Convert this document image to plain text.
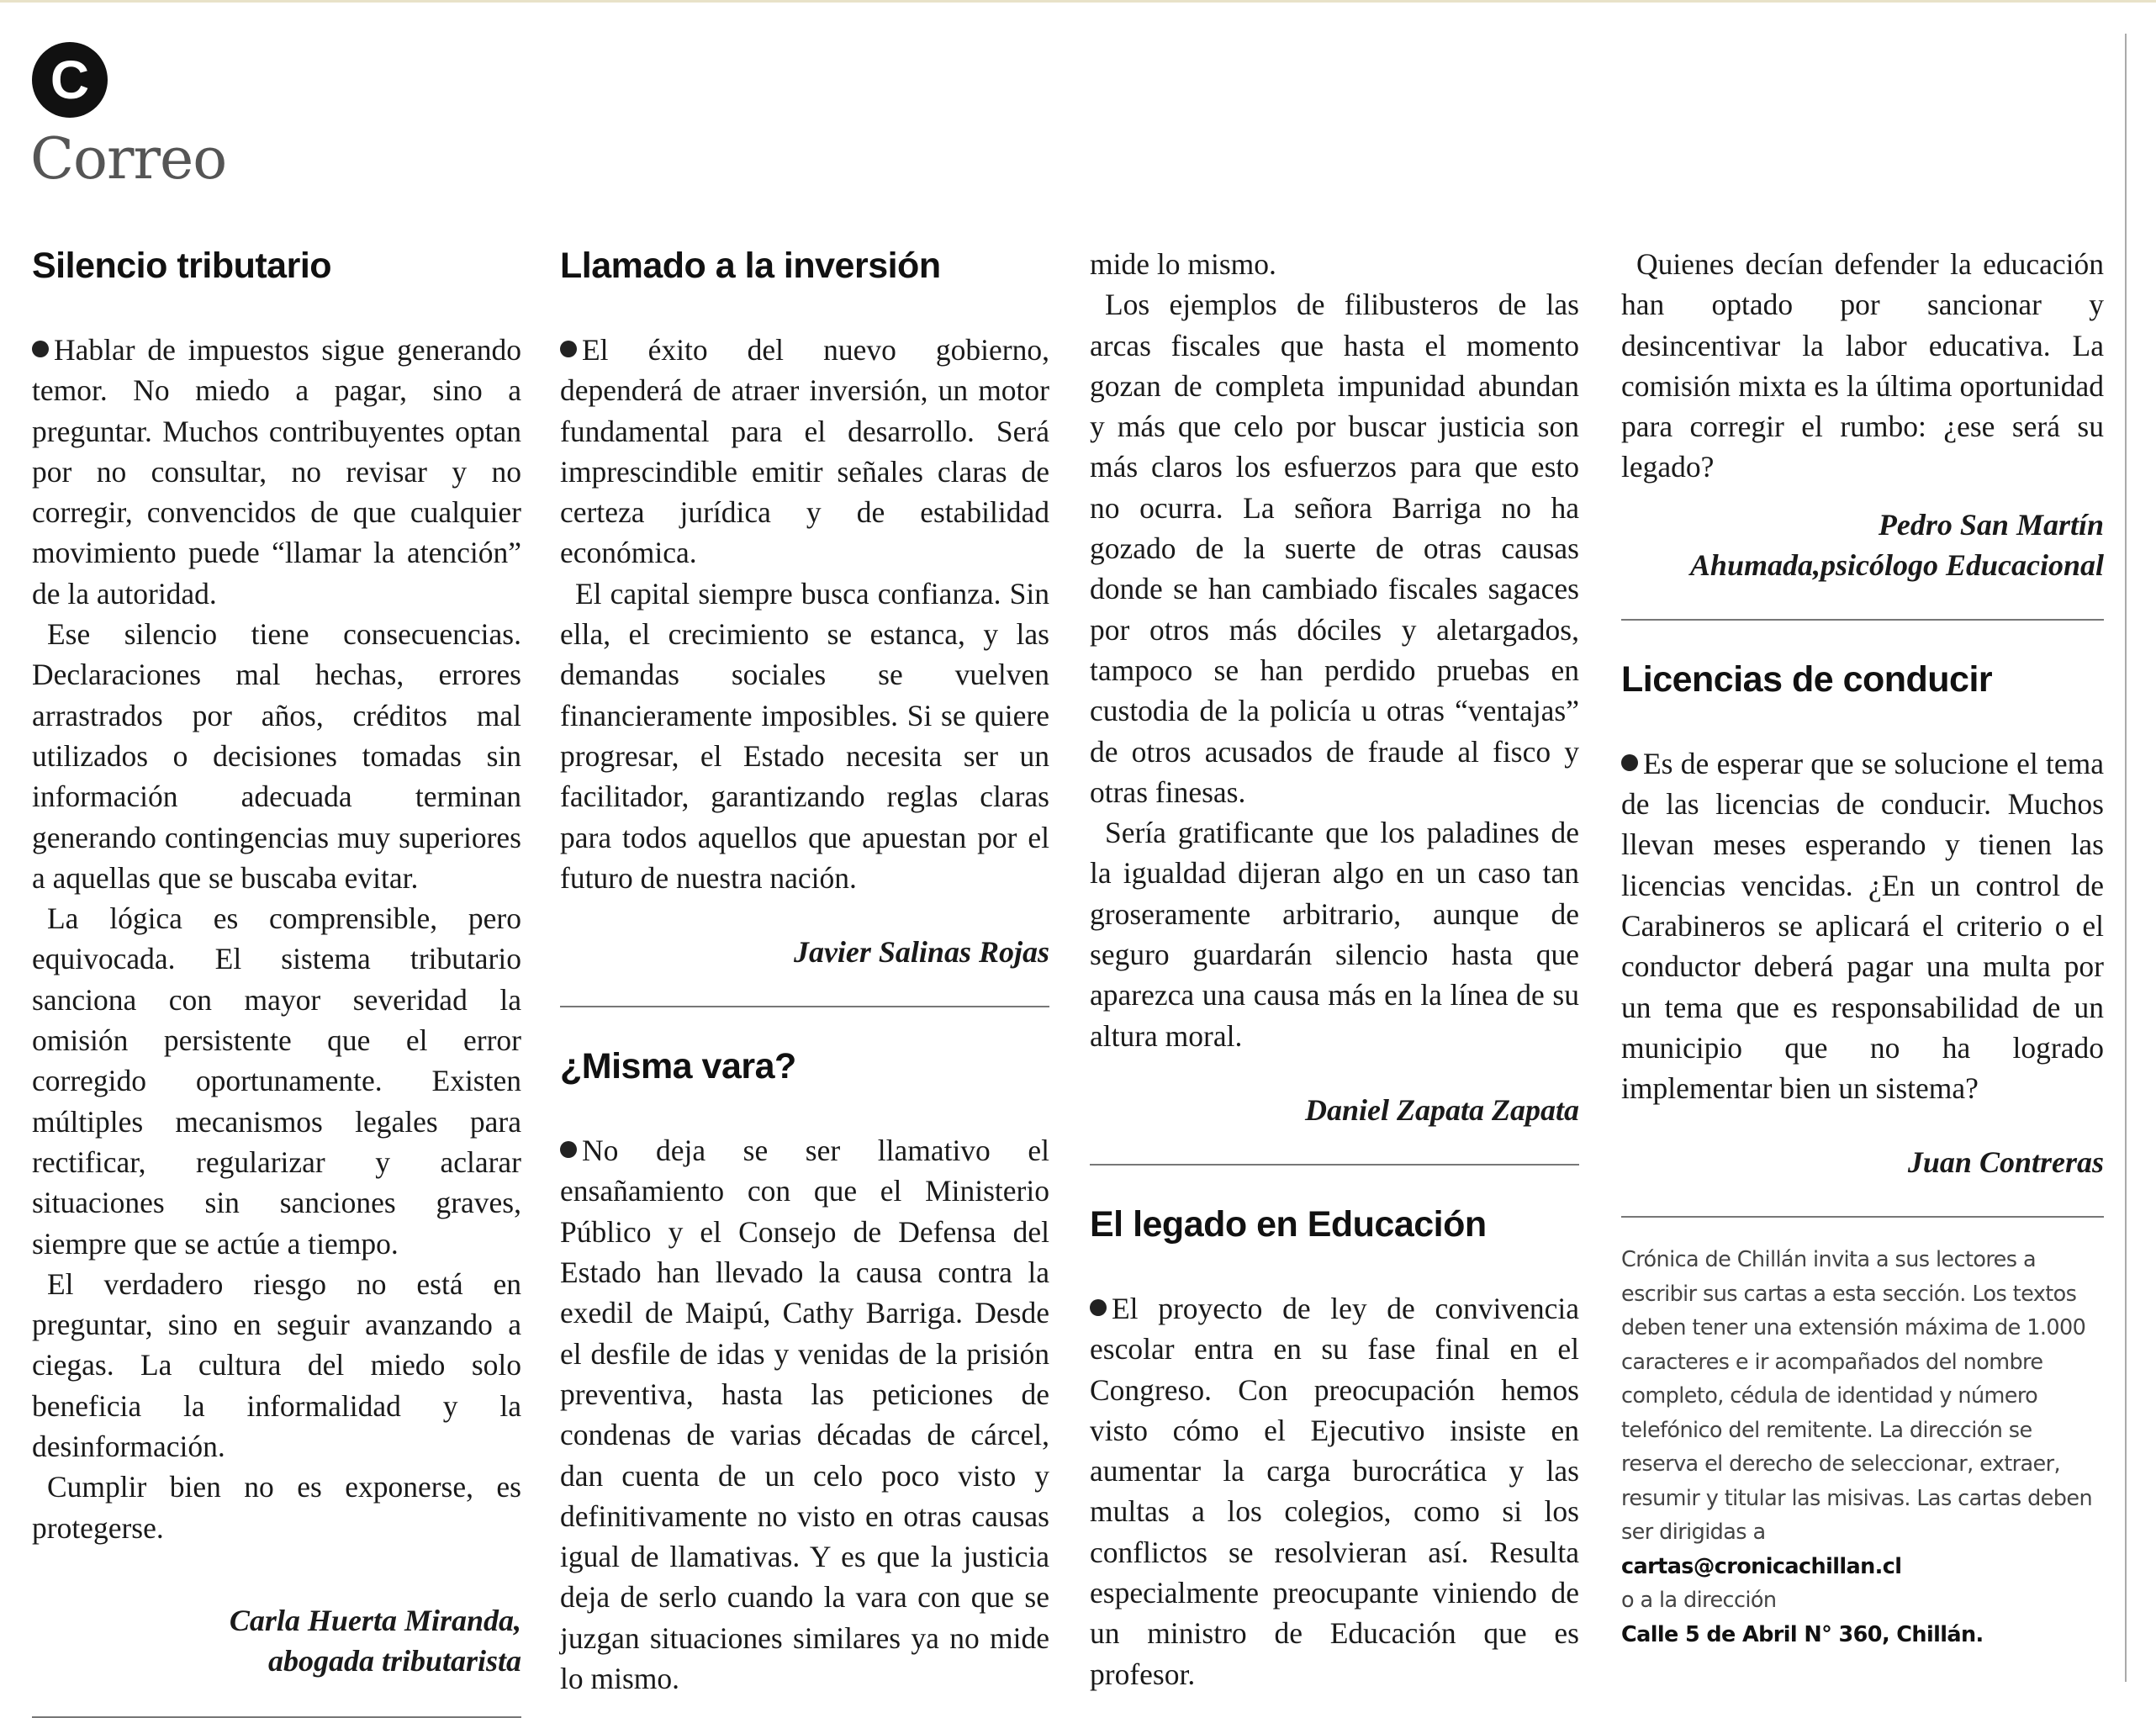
C
Correo
Silencio tributario

Hablar de impuestos sigue generando temor. No miedo a pagar, sino a preguntar. Muchos contribuyentes optan por no consultar, no revisar y no corregir, convencidos de que cualquier movimiento puede “llamar la atención” de la autoridad.

Ese silencio tiene consecuencias. Declaraciones mal hechas, errores arrastrados por años, créditos mal utilizados o decisiones tomadas sin información adecuada terminan generando contingencias muy superiores a aquellas que se buscaba evitar.

La lógica es comprensible, pero equivocada. El sistema tributario sanciona con mayor severidad la omisión persistente que el error corregido oportunamente. Existen múltiples mecanismos legales para rectificar, regularizar y aclarar situaciones sin sanciones graves, siempre que se actúe a tiempo.

El verdadero riesgo no está en preguntar, sino en seguir avanzando a ciegas. La cultura del miedo solo beneficia la informalidad y la desinformación.

Cumplir bien no es exponerse, es protegerse.

Carla Huerta Miranda,
abogada tributarista
Llamado a la inversión

El éxito del nuevo gobierno, dependerá de atraer inversión, un motor fundamental para el desarrollo. Será imprescindible emitir señales claras de certeza jurídica y de estabilidad económica.

El capital siempre busca confianza. Sin ella, el crecimiento se estanca, y las demandas sociales se vuelven financieramente imposibles. Si se quiere progresar, el Estado necesita ser un facilitador, garantizando reglas claras para todos aquellos que apuestan por el futuro de nuestra nación.

Javier Salinas Rojas
¿Misma vara?

No deja se ser llamativo el ensañamiento con que el Ministerio Público y el Consejo de Defensa del Estado han llevado la causa contra la exedil de Maipú, Cathy Barriga. Desde el desfile de idas y venidas de la prisión preventiva, hasta las peticiones de condenas de varias décadas de cárcel, dan cuenta de un celo poco visto y definitivamente no visto en otras causas igual de llamativas. Y es que la justicia deja de serlo cuando la vara con que se juzgan situaciones similares ya no mide lo mismo.

mide lo mismo.

Los ejemplos de filibusteros de las arcas fiscales que hasta el momento gozan de completa impunidad abundan y más que celo por buscar justicia son más claros los esfuerzos para que esto no ocurra. La señora Barriga no ha gozado de la suerte de otras causas donde se han cambiado fiscales sagaces por otros más dóciles y aletargados, tampoco se han perdido pruebas en custodia de la policía u otras “ventajas” de otros acusados de fraude al fisco y otras finesas.

Sería gratificante que los paladines de la igualdad dijeran algo en un caso tan groseramente arbitrario, aunque de seguro guardarán silencio hasta que aparezca una causa más en la línea de su altura moral.

Daniel Zapata Zapata
El legado en Educación

El proyecto de ley de convivencia escolar entra en su fase final en el Congreso. Con preocupación hemos visto cómo el Ejecutivo insiste en aumentar la carga burocrática y las multas a los colegios, como si los conflictos se resolvieran así. Resulta especialmente preocupante viniendo de un ministro de Educación que es profesor.

Quienes decían defender la educación han optado por sancionar y desincentivar la labor educativa. La comisión mixta es la última oportunidad para corregir el rumbo: ¿ese será su legado?

Pedro San Martín
Ahumada,psicólogo Educacional
Licencias de conducir

Es de esperar que se solucione el tema de las licencias de conducir. Muchos llevan meses esperando y tienen las licencias vencidas. ¿En un control de Carabineros se aplicará el criterio o el conductor deberá pagar una multa por un tema que es responsabilidad de un municipio que no ha logrado implementar bien un sistema?

Juan Contreras
Crónica de Chillán invita a sus lectores a escribir sus cartas a esta sección. Los textos deben tener una extensión máxima de 1.000 caracteres e ir acompañados del nombre completo, cédula de identidad y número telefónico del remitente. La dirección se reserva el derecho de seleccionar, extraer, resumir y titular las misivas. Las cartas deben ser dirigidas a
cartas@cronicachillan.cl
o a la dirección
Calle 5 de Abril N° 360, Chillán.
